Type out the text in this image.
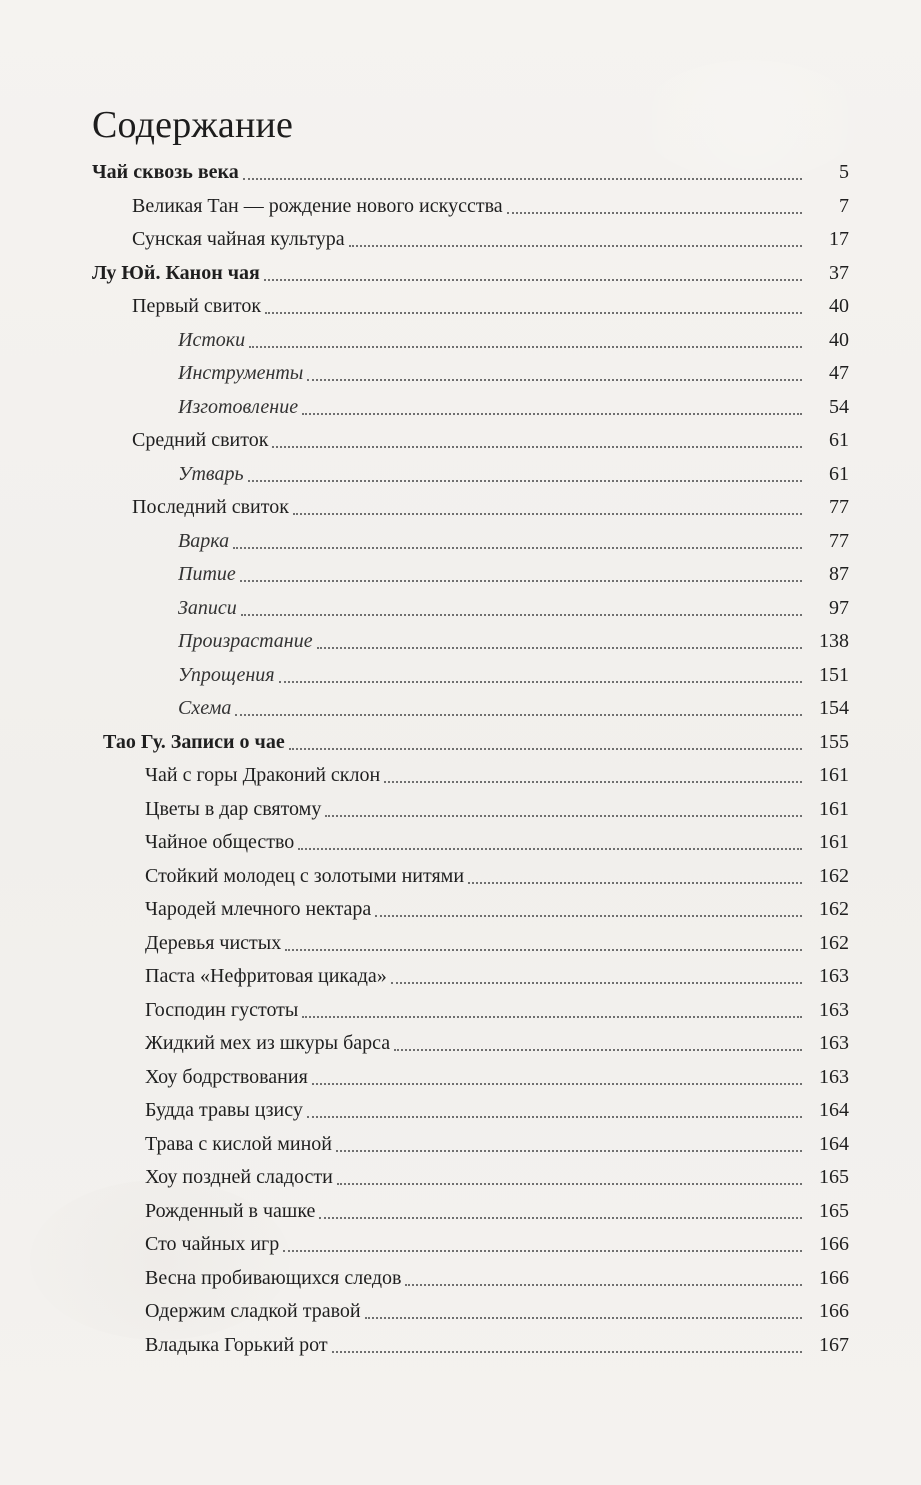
Содержание
Чай сквозь века	5
Великая Тан — рождение нового искусства	7
Сунская чайная культура	17
Лу Юй. Канон чая	37
Первый свиток	40
Истоки	40
Инструменты	47
Изготовление	54
Средний свиток	61
Утварь	61
Последний свиток	77
Варка	77
Питие	87
Записи	97
Произрастание	138
Упрощения	151
Схема	154
Тао Гу. Записи о чае	155
Чай с горы Драконий склон	161
Цветы в дар святому	161
Чайное общество	161
Стойкий молодец с золотыми нитями	162
Чародей млечного нектара	162
Деревья чистых	162
Паста «Нефритовая цикада»	163
Господин густоты	163
Жидкий мех из шкуры барса	163
Хоу бодрствования	163
Будда травы цзису	164
Трава с кислой миной	164
Хоу поздней сладости	165
Рожденный в чашке	165
Сто чайных игр	166
Весна пробивающихся следов	166
Одержим сладкой травой	166
Владыка Горький рот	167
